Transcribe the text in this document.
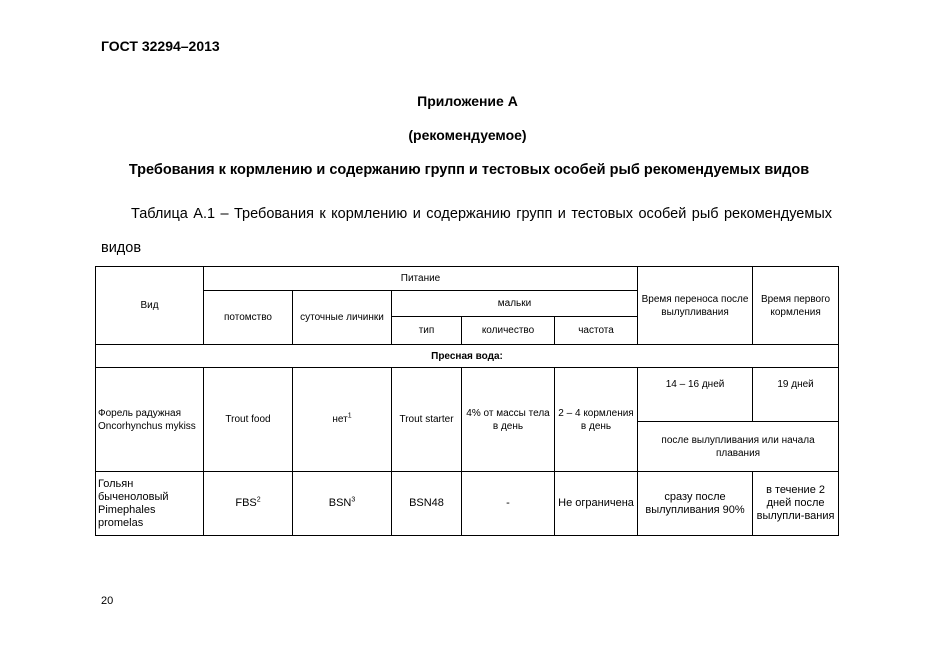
ГОСТ 32294–2013
Приложение А
(рекомендуемое)
Требования к кормлению и содержанию групп и тестовых особей рыб рекомендуемых видов
Таблица А.1 – Требования к кормлению и содержанию групп и тестовых особей рыб рекомендуемых видов
Вид	Питание					Время переноса после вылупливания	Время первого кормления
	потомство	суточные личинки	мальки				
			тип	количество	частота		
Пресная вода:							
Форель радужная Oncorhynchus mykiss	Trout food	нет$^1$	Trout starter	4% от массы тела в день	2 – 4 кормления в день	14 – 16 дней	19 дней
						после вылупливания или начала плавания	
Гольян быченоловый Pimephales promelas	FBS$^2$	BSN$^3$	BSN48	-	Не ограничена	сразу после вылупливания 90%	в течение 2 дней после вылупли-вания
20
